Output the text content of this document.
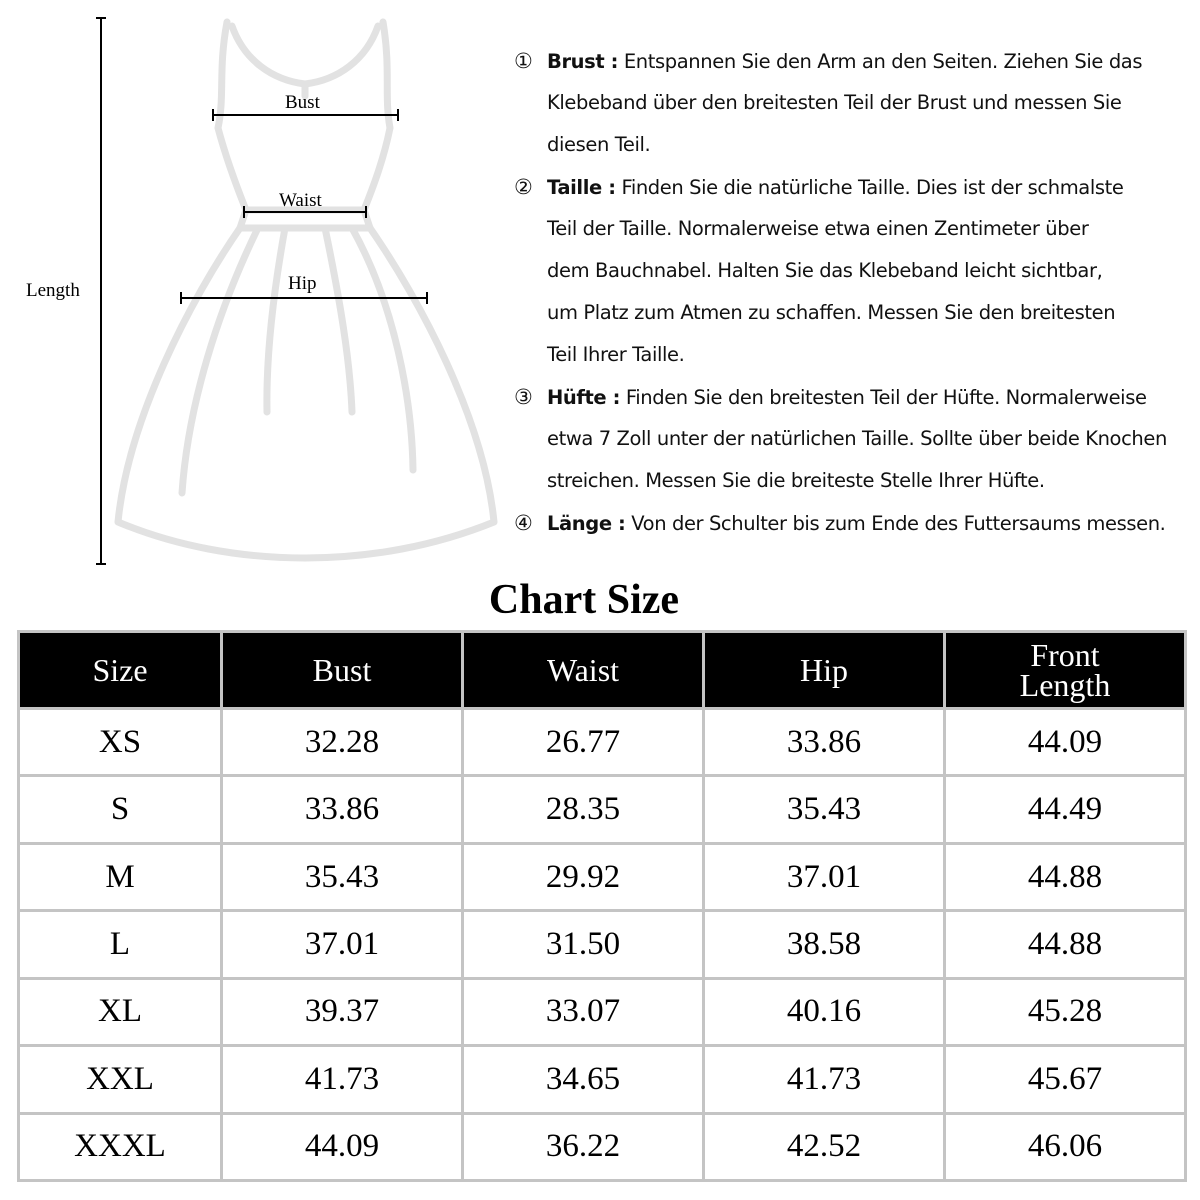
Bust
Waist
Hip
Length
① Brust : Entspannen Sie den Arm an den Seiten. Ziehen Sie das
Klebeband über den breitesten Teil der Brust und messen Sie
diesen Teil.
② Taille : Finden Sie die natürliche Taille. Dies ist der schmalste
Teil der Taille. Normalerweise etwa einen Zentimeter über
dem Bauchnabel. Halten Sie das Klebeband leicht sichtbar,
um Platz zum Atmen zu schaffen. Messen Sie den breitesten
Teil Ihrer Taille.
③ Hüfte : Finden Sie den breitesten Teil der Hüfte. Normalerweise
etwa 7 Zoll unter der natürlichen Taille. Sollte über beide Knochen
streichen. Messen Sie die breiteste Stelle Ihrer Hüfte.
④ Länge : Von der Schulter bis zum Ende des Futtersaums messen.
Chart Size
Size	Bust	Waist	Hip	Front
Length

XS	32.28	26.77	33.86	44.09
S	33.86	28.35	35.43	44.49
M	35.43	29.92	37.01	44.88
L	37.01	31.50	38.58	44.88
XL	39.37	33.07	40.16	45.28
XXL	41.73	34.65	41.73	45.67
XXXL	44.09	36.22	42.52	46.06
